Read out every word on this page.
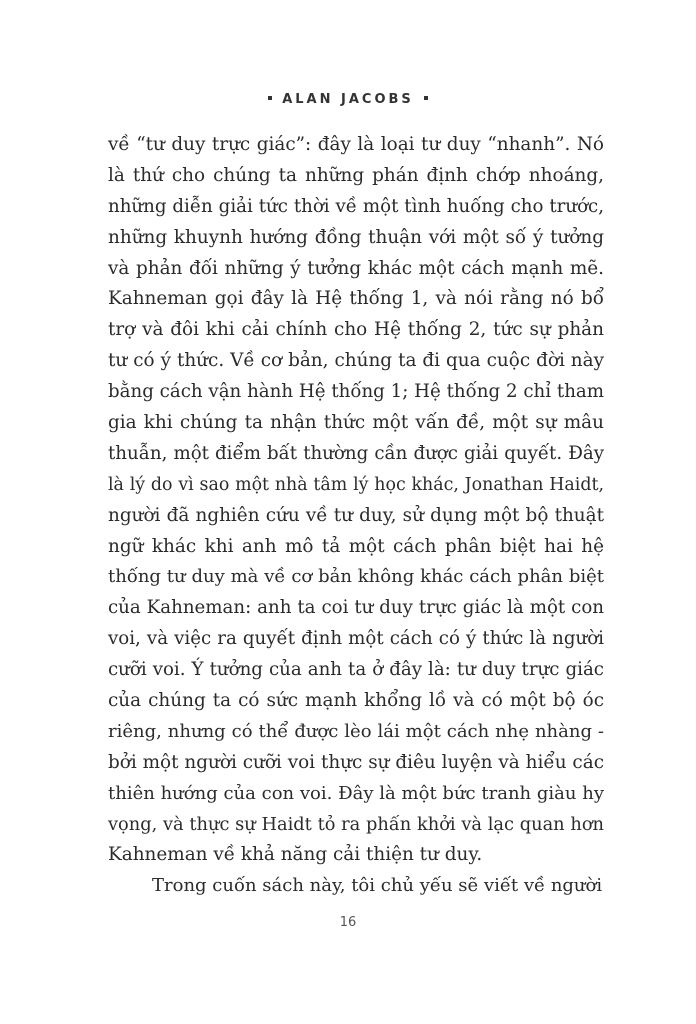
ALAN JACOBS
về “tư duy trực giác”: đây là loại tư duy “nhanh”. Nó
là thứ cho chúng ta những phán định chớp nhoáng,
những diễn giải tức thời về một tình huống cho trước,
những khuynh hướng đồng thuận với một số ý tưởng
và phản đối những ý tưởng khác một cách mạnh mẽ.
Kahneman gọi đây là Hệ thống 1, và nói rằng nó bổ
trợ và đôi khi cải chính cho Hệ thống 2, tức sự phản
tư có ý thức. Về cơ bản, chúng ta đi qua cuộc đời này
bằng cách vận hành Hệ thống 1; Hệ thống 2 chỉ tham
gia khi chúng ta nhận thức một vấn đề, một sự mâu
thuẫn, một điểm bất thường cần được giải quyết. Đây
là lý do vì sao một nhà tâm lý học khác, Jonathan Haidt,
người đã nghiên cứu về tư duy, sử dụng một bộ thuật
ngữ khác khi anh mô tả một cách phân biệt hai hệ
thống tư duy mà về cơ bản không khác cách phân biệt
của Kahneman: anh ta coi tư duy trực giác là một con
voi, và việc ra quyết định một cách có ý thức là người
cưỡi voi. Ý tưởng của anh ta ở đây là: tư duy trực giác
của chúng ta có sức mạnh khổng lồ và có một bộ óc
riêng, nhưng có thể được lèo lái một cách nhẹ nhàng -
bởi một người cưỡi voi thực sự điêu luyện và hiểu các
thiên hướng của con voi. Đây là một bức tranh giàu hy
vọng, và thực sự Haidt tỏ ra phấn khởi và lạc quan hơn
Kahneman về khả năng cải thiện tư duy.
Trong cuốn sách này, tôi chủ yếu sẽ viết về người
16
